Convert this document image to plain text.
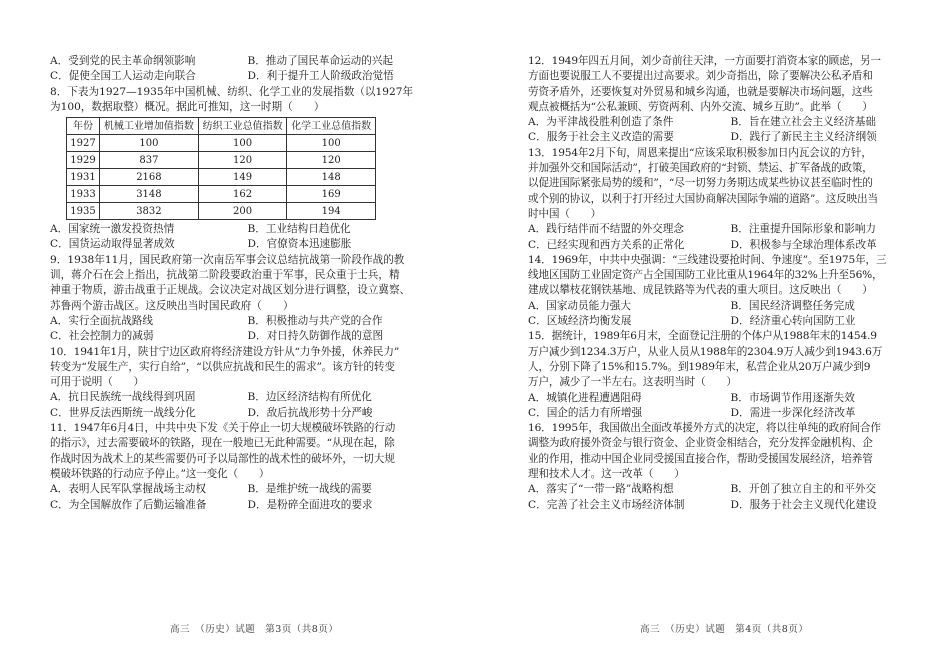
A．受到党的民主革命纲领影响	B．推动了国民革命运动的兴起
C．促使全国工人运动走向联合	D．利于提升工人阶级政治觉悟

8．下表为1927—1935年中国机械、纺织、化学工业的发展指数（以1927年
为100，数据取整）概况。据此可推知，这一时期（　　）

年份	机械工业增加值指数	纺织工业总值指数	化学工业总值指数
1927	100	100	100
1929	837	120	120
1931	2168	149	148
1933	3148	162	169
1935	3832	200	194
A．国家统一激发投资热情	B．工业结构日趋优化
C．国货运动取得显著成效	D．官僚资本迅速膨胀

9．1938年11月，国民政府第一次南岳军事会议总结抗战第一阶段作战的教
训，蒋介石在会上指出，抗战第二阶段要政治重于军事，民众重于士兵，精
神重于物质，游击战重于正规战。会议决定对战区划分进行调整，设立冀察、
苏鲁两个游击战区。这反映出当时国民政府（　　）

A．实行全面抗战路线	B．积极推动与共产党的合作
C．社会控制力的减弱	D．对日持久防御作战的意图

10．1941年1月，陕甘宁边区政府将经济建设方针从“力争外援，休养民力”
转变为“发展生产，实行自给”，“以供应抗战和民生的需求”。该方针的转变
可用于说明（　　）

A．抗日民族统一战线得到巩固	B．边区经济结构有所优化
C．世界反法西斯统一战线分化	D．敌后抗战形势十分严峻

11．1947年6月4日，中共中央下发《关于停止一切大规模破坏铁路的行动
的指示》，过去需要破坏的铁路，现在一般地已无此种需要。“从现在起，除
作战时因为战术上的某些需要仍可予以局部性的战术性的破坏外，一切大规
模破坏铁路的行动应予停止。”这一变化（　　）

A．表明人民军队掌握战场主动权	B．是维护统一战线的需要
C．为全国解放作了后勤运输准备	D．是粉碎全面进攻的要求
高三　（历史）试题　第3页（共8页）

12．1949年四五月间，刘少奇前往天津，一方面要打消资本家的顾虑，另一
方面也要说服工人不要提出过高要求。刘少奇指出，除了要解决公私矛盾和
劳资矛盾外，还要恢复对外贸易和城乡沟通，也就是要解决市场问题，这些
观点被概括为“公私兼顾、劳资两利、内外交流、城乡互助”。此举（　　）

A．为平津战役胜利创造了条件	B．旨在建立社会主义经济基础
C．服务于社会主义改造的需要	D．践行了新民主主义经济纲领

13．1954年2月下旬，周恩来提出“应该采取积极参加日内瓦会议的方针，
并加强外交和国际活动”，打破美国政府的“封锁、禁运、扩军备战的政策，
以促进国际紧张局势的缓和”，“尽一切努力务期达成某些协议甚至临时性的
或个别的协议，以利于打开经过大国协商解决国际争端的道路”。这反映出当
时中国（　　）

A．践行结伴而不结盟的外交理念	B．注重提升国际形象和影响力
C．已经实现和西方关系的正常化	D．积极参与全球治理体系改革

14．1969年，中共中央强调：“三线建设要抢时间、争速度”。至1975年，三
线地区国防工业固定资产占全国国防工业比重从1964年的32%上升至56%，
建成以攀枝花钢铁基地、成昆铁路等为代表的重大项目。这反映出（　　）

A．国家动员能力强大	B．国民经济调整任务完成
C．区域经济均衡发展	D．经济重心转向国防工业

15．据统计，1989年6月末，全面登记注册的个体户从1988年末的1454.9
万户减少到1234.3万户，从业人员从1988年的2304.9万人减少到1943.6万
人，分别下降了15%和15.7%。到1989年末，私营企业从20万户减少到9
万户，减少了一半左右。这表明当时（　　）

A．城镇化进程遭遇阻碍	B．市场调节作用逐渐失效
C．国企的活力有所增强	D．需进一步深化经济改革

16．1995年，我国做出全面改革援外方式的决定，将以往单纯的政府间合作
调整为政府援外资金与银行资金、企业资金相结合，充分发挥金融机构、企
业的作用，推动中国企业同受援国直接合作，帮助受援国发展经济，培养管
理和技术人才。这一改革（　　）

A．落实了“一带一路”战略构想	B．开创了独立自主的和平外交
C．完善了社会主义市场经济体制	D．服务于社会主义现代化建设
高三　（历史）试题　第4页（共8页）
